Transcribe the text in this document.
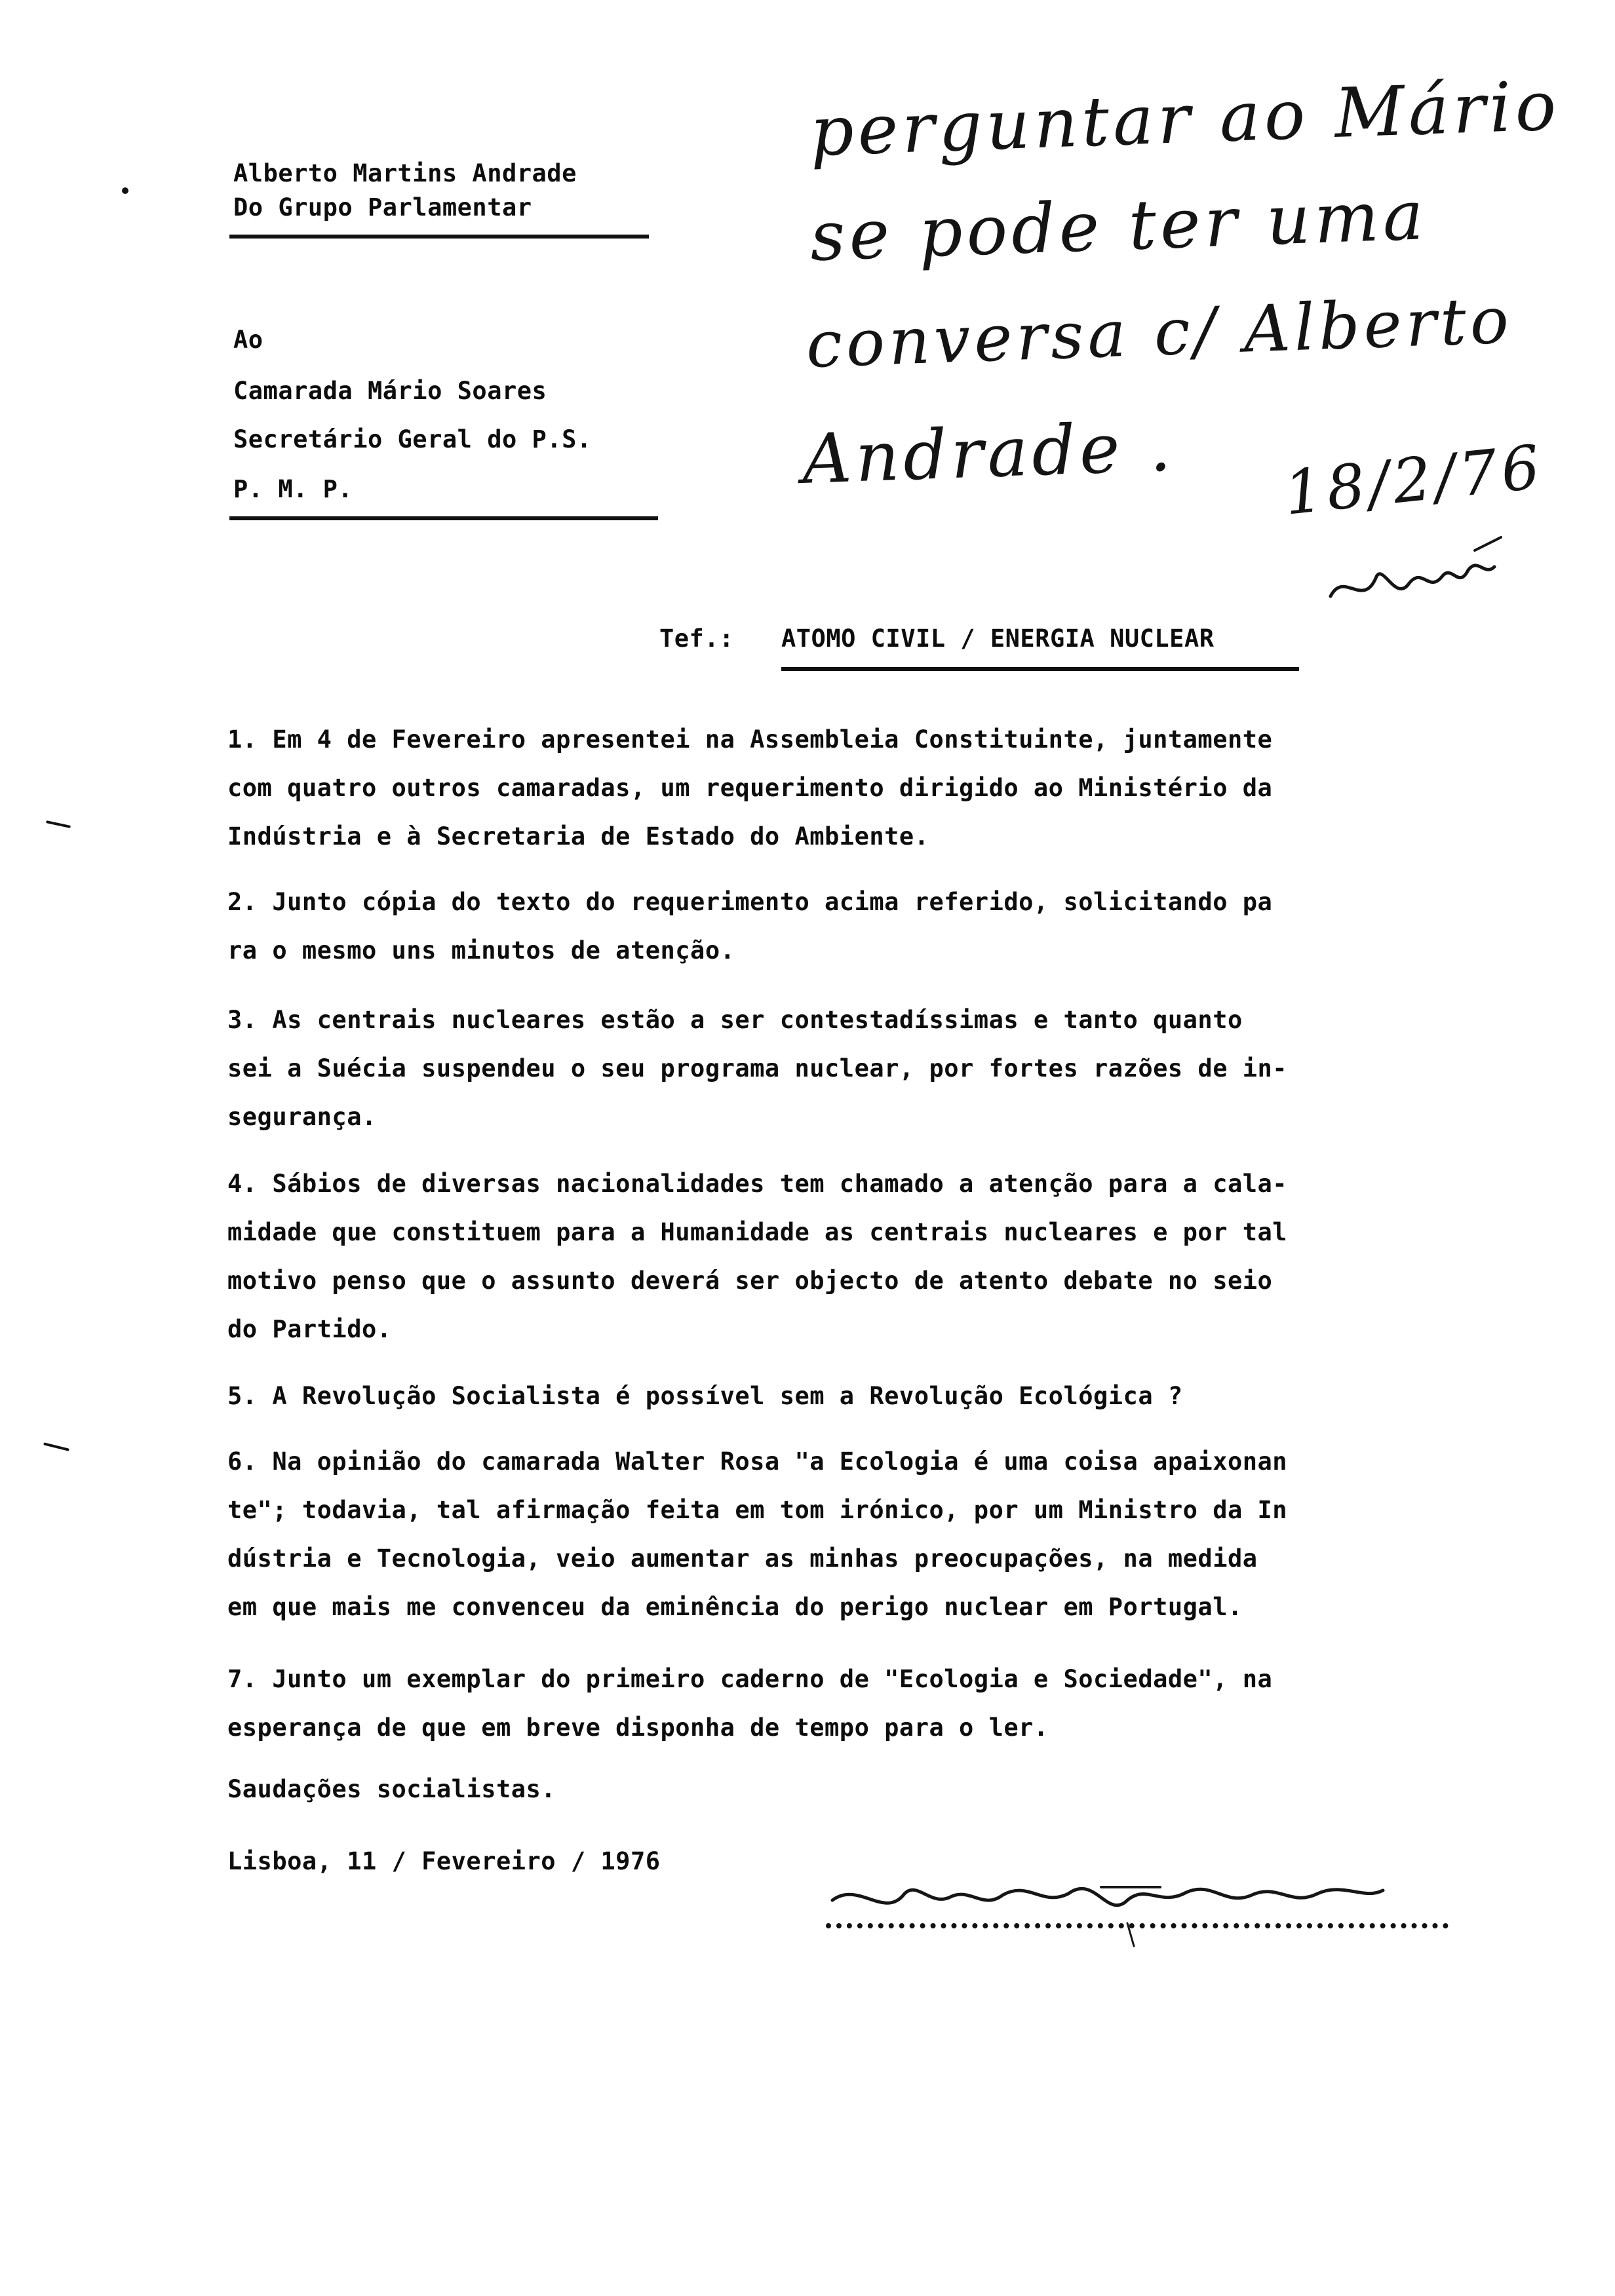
Alberto Martins Andrade
Do Grupo Parlamentar
Ao
Camarada Mário Soares
Secretário Geral do P.S.
P. M. P.
perguntar ao Mário
se pode ter uma
conversa c/ Alberto
Andrade . 18/2/76
Tef.: ATOMO CIVIL / ENERGIA NUCLEAR
1. Em 4 de Fevereiro apresentei na Assembleia Constituinte, juntamente
com quatro outros camaradas, um requerimento dirigido ao Ministério da
Indústria e à Secretaria de Estado do Ambiente.
2. Junto cópia do texto do requerimento acima referido, solicitando pa
ra o mesmo uns minutos de atenção.
3. As centrais nucleares estão a ser contestadíssimas e tanto quanto
sei a Suécia suspendeu o seu programa nuclear, por fortes razões de in-
segurança.
4. Sábios de diversas nacionalidades tem chamado a atenção para a cala-
midade que constituem para a Humanidade as centrais nucleares e por tal
motivo penso que o assunto deverá ser objecto de atento debate no seio
do Partido.
5. A Revolução Socialista é possível sem a Revolução Ecológica ?
6. Na opinião do camarada Walter Rosa "a Ecologia é uma coisa apaixonan
te"; todavia, tal afirmação feita em tom irónico, por um Ministro da In
dústria e Tecnologia, veio aumentar as minhas preocupações, na medida
em que mais me convenceu da eminência do perigo nuclear em Portugal.
7. Junto um exemplar do primeiro caderno de "Ecologia e Sociedade", na
esperança de que em breve disponha de tempo para o ler.
Saudações socialistas.
Lisboa, 11 / Fevereiro / 1976
